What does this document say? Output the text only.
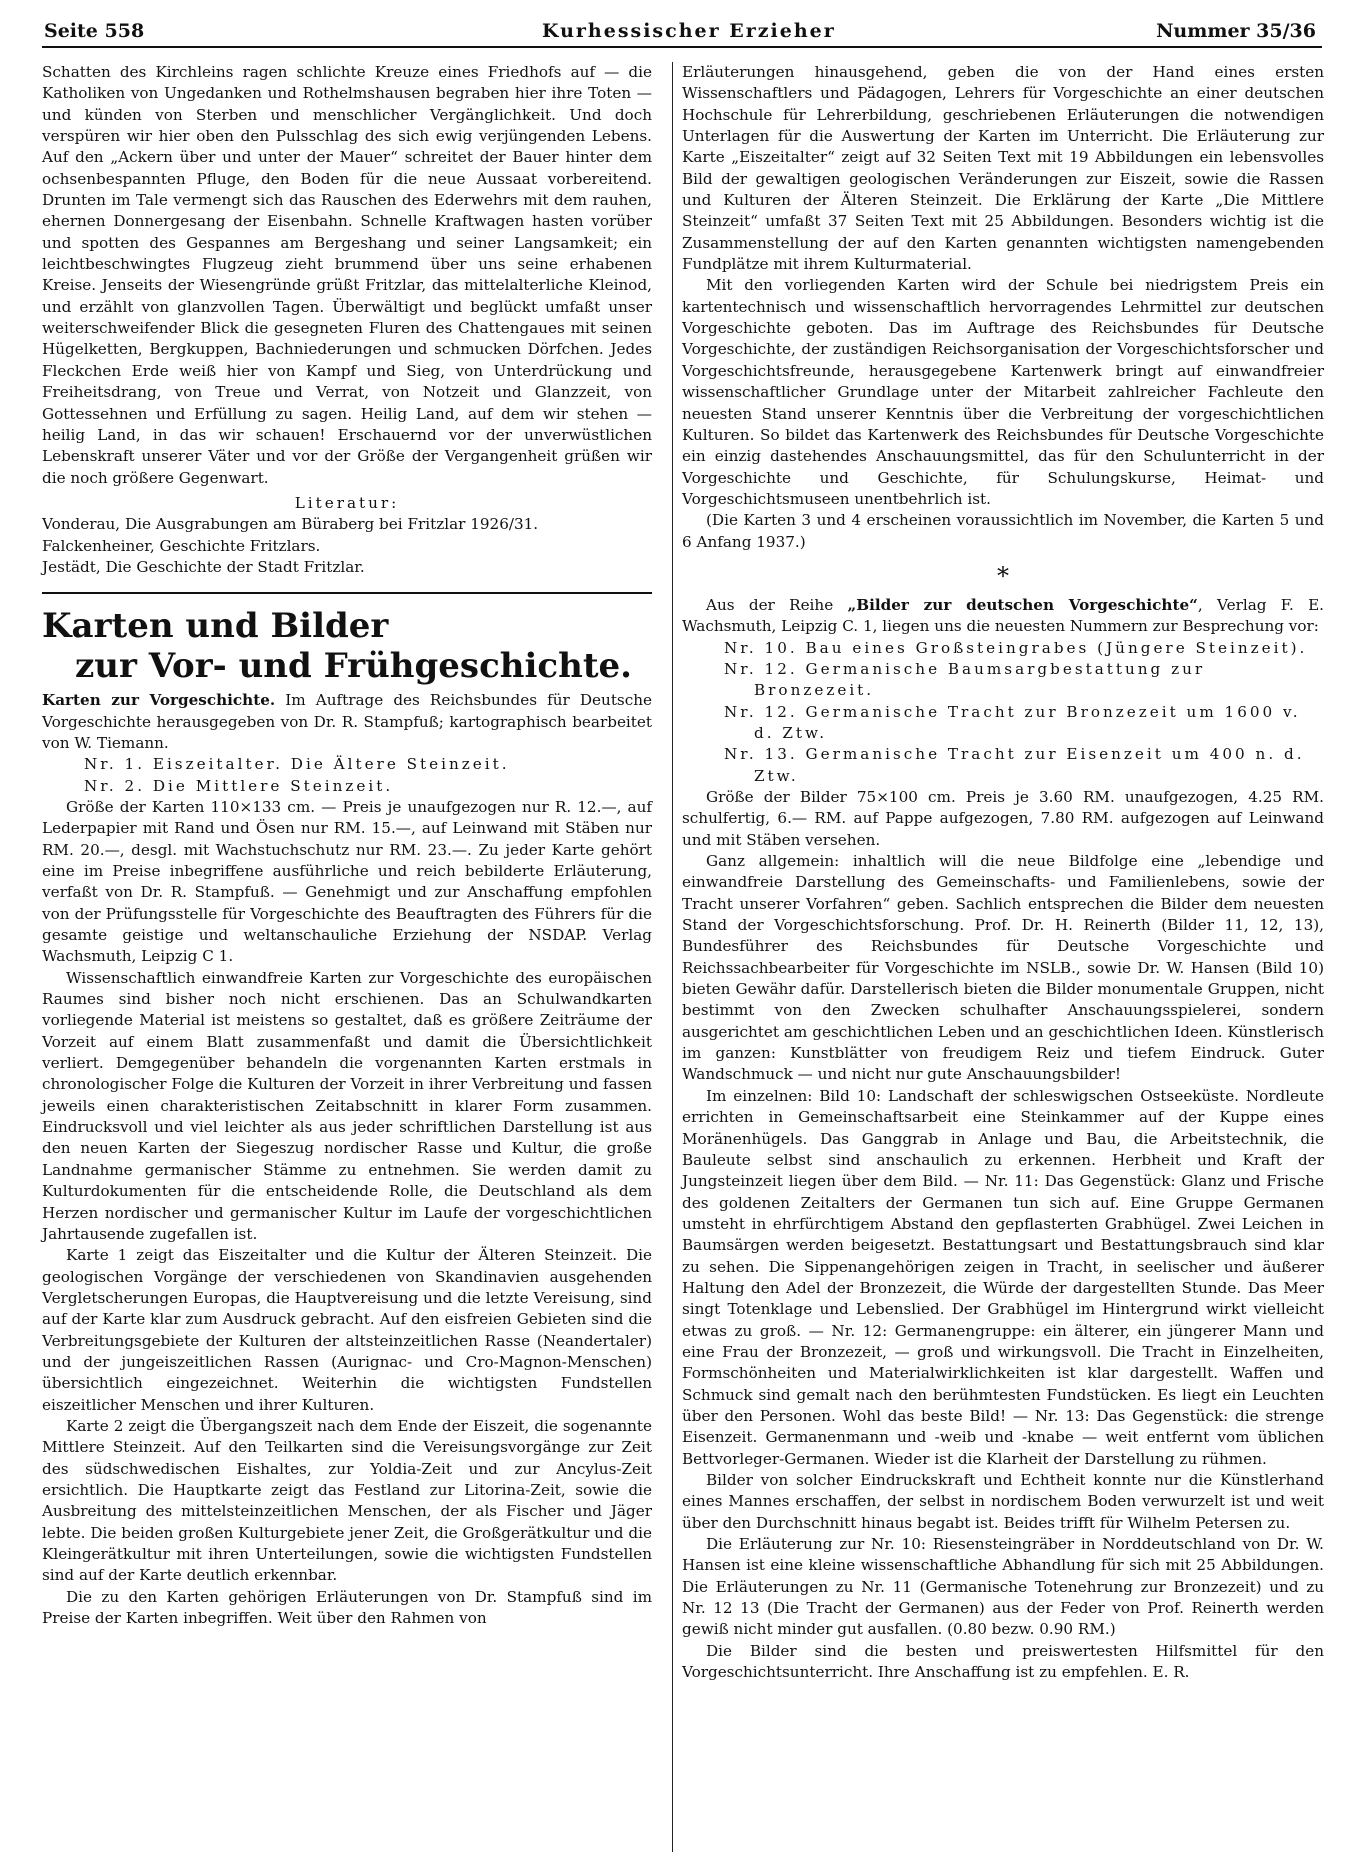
Seite 558	Kurhessischer Erzieher	Nummer 35/36

Schatten des Kirchleins ragen schlichte Kreuze eines Friedhofs auf — die Katholiken von Ungedanken und Rothelmshausen begraben hier ihre Toten — und künden von Sterben und menschlicher Vergänglichkeit. Und doch verspüren wir hier oben den Pulsschlag des sich ewig verjüngenden Lebens. Auf den „Ackern über und unter der Mauer“ schreitet der Bauer hinter dem ochsenbespannten Pfluge, den Boden für die neue Aussaat vorbereitend. Drunten im Tale vermengt sich das Rauschen des Ederwehrs mit dem rauhen, ehernen Donnergesang der Eisenbahn. Schnelle Kraftwagen hasten vorüber und spotten des Gespannes am Bergeshang und seiner Langsamkeit; ein leichtbeschwingtes Flugzeug zieht brummend über uns seine erhabenen Kreise. Jenseits der Wiesengründe grüßt Fritzlar, das mittelalterliche Kleinod, und erzählt von glanzvollen Tagen. Überwältigt und beglückt umfaßt unser weiterschweifender Blick die gesegneten Fluren des Chattengaues mit seinen Hügelketten, Bergkuppen, Bachniederungen und schmucken Dörfchen. Jedes Fleckchen Erde weiß hier von Kampf und Sieg, von Unterdrückung und Freiheitsdrang, von Treue und Verrat, von Notzeit und Glanzzeit, von Gottessehnen und Erfüllung zu sagen. Heilig Land, auf dem wir stehen — heilig Land, in das wir schauen! Erschauernd vor der unverwüstlichen Lebenskraft unserer Väter und vor der Größe der Vergangenheit grüßen wir die noch größere Gegenwart.

Literatur:

Vonderau, Die Ausgrabungen am Büraberg bei Fritzlar 1926/31.

Falckenheiner, Geschichte Fritzlars.

Jestädt, Die Geschichte der Stadt Fritzlar.

Karten und Bilder
zur Vor- und Frühgeschichte.

Karten zur Vorgeschichte. Im Auftrage des Reichsbundes für Deutsche Vorgeschichte herausgegeben von Dr. R. Stampfuß; kartographisch bearbeitet von W. Tiemann.

Nr. 1. Eiszeitalter. Die Ältere Steinzeit.

Nr. 2. Die Mittlere Steinzeit.

Größe der Karten 110×133 cm. — Preis je unaufgezogen nur R. 12.—, auf Lederpapier mit Rand und Ösen nur RM. 15.—, auf Leinwand mit Stäben nur RM. 20.—, desgl. mit Wachstuchschutz nur RM. 23.—. Zu jeder Karte gehört eine im Preise inbegriffene ausführliche und reich bebilderte Erläuterung, verfaßt von Dr. R. Stampfuß. — Genehmigt und zur Anschaffung empfohlen von der Prüfungsstelle für Vorgeschichte des Beauftragten des Führers für die gesamte geistige und weltanschauliche Erziehung der NSDAP. Verlag Wachsmuth, Leipzig C 1.

Wissenschaftlich einwandfreie Karten zur Vorgeschichte des europäischen Raumes sind bisher noch nicht erschienen. Das an Schulwandkarten vorliegende Material ist meistens so gestaltet, daß es größere Zeiträume der Vorzeit auf einem Blatt zusammenfaßt und damit die Übersichtlichkeit verliert. Demgegenüber behandeln die vorgenannten Karten erstmals in chronologischer Folge die Kulturen der Vorzeit in ihrer Verbreitung und fassen jeweils einen charakteristischen Zeitabschnitt in klarer Form zusammen. Eindrucksvoll und viel leichter als aus jeder schriftlichen Darstellung ist aus den neuen Karten der Siegeszug nordischer Rasse und Kultur, die große Landnahme germanischer Stämme zu entnehmen. Sie werden damit zu Kulturdokumenten für die entscheidende Rolle, die Deutschland als dem Herzen nordischer und germanischer Kultur im Laufe der vorgeschichtlichen Jahrtausende zugefallen ist.

Karte 1 zeigt das Eiszeitalter und die Kultur der Älteren Steinzeit. Die geologischen Vorgänge der verschiedenen von Skandinavien ausgehenden Vergletscherungen Europas, die Hauptvereisung und die letzte Vereisung, sind auf der Karte klar zum Ausdruck gebracht. Auf den eisfreien Gebieten sind die Verbreitungsgebiete der Kulturen der altsteinzeitlichen Rasse (Neandertaler) und der jungeiszeitlichen Rassen (Aurignac- und Cro-Magnon-Menschen) übersichtlich eingezeichnet. Weiterhin die wichtigsten Fundstellen eiszeitlicher Menschen und ihrer Kulturen.

Karte 2 zeigt die Übergangszeit nach dem Ende der Eiszeit, die sogenannte Mittlere Steinzeit. Auf den Teilkarten sind die Vereisungsvorgänge zur Zeit des südschwedischen Eishaltes, zur Yoldia-Zeit und zur Ancylus-Zeit ersichtlich. Die Hauptkarte zeigt das Festland zur Litorina-Zeit, sowie die Ausbreitung des mittelsteinzeitlichen Menschen, der als Fischer und Jäger lebte. Die beiden großen Kulturgebiete jener Zeit, die Großgerätkultur und die Kleingerätkultur mit ihren Unterteilungen, sowie die wichtigsten Fundstellen sind auf der Karte deutlich erkennbar.

Die zu den Karten gehörigen Erläuterungen von Dr. Stampfuß sind im Preise der Karten inbegriffen. Weit über den Rahmen von

Erläuterungen hinausgehend, geben die von der Hand eines ersten Wissenschaftlers und Pädagogen, Lehrers für Vorgeschichte an einer deutschen Hochschule für Lehrerbildung, geschriebenen Erläuterungen die notwendigen Unterlagen für die Auswertung der Karten im Unterricht. Die Erläuterung zur Karte „Eiszeitalter“ zeigt auf 32 Seiten Text mit 19 Abbildungen ein lebensvolles Bild der gewaltigen geologischen Veränderungen zur Eiszeit, sowie die Rassen und Kulturen der Älteren Steinzeit. Die Erklärung der Karte „Die Mittlere Steinzeit“ umfaßt 37 Seiten Text mit 25 Abbildungen. Besonders wichtig ist die Zusammenstellung der auf den Karten genannten wichtigsten namengebenden Fundplätze mit ihrem Kulturmaterial.

Mit den vorliegenden Karten wird der Schule bei niedrigstem Preis ein kartentechnisch und wissenschaftlich hervorragendes Lehrmittel zur deutschen Vorgeschichte geboten. Das im Auftrage des Reichsbundes für Deutsche Vorgeschichte, der zuständigen Reichsorganisation der Vorgeschichtsforscher und Vorgeschichtsfreunde, herausgegebene Kartenwerk bringt auf einwandfreier wissenschaftlicher Grundlage unter der Mitarbeit zahlreicher Fachleute den neuesten Stand unserer Kenntnis über die Verbreitung der vorgeschichtlichen Kulturen. So bildet das Kartenwerk des Reichsbundes für Deutsche Vorgeschichte ein einzig dastehendes Anschauungsmittel, das für den Schulunterricht in der Vorgeschichte und Geschichte, für Schulungskurse, Heimat- und Vorgeschichtsmuseen unentbehrlich ist.

(Die Karten 3 und 4 erscheinen voraussichtlich im November, die Karten 5 und 6 Anfang 1937.)

*

Aus der Reihe „Bilder zur deutschen Vorgeschichte“, Verlag F. E. Wachsmuth, Leipzig C. 1, liegen uns die neuesten Nummern zur Besprechung vor:

Nr. 10. Bau eines Großsteingrabes (Jüngere Steinzeit).

Nr. 12. Germanische Baumsargbestattung zur Bronzezeit.

Nr. 12. Germanische Tracht zur Bronzezeit um 1600 v. d. Ztw.

Nr. 13. Germanische Tracht zur Eisenzeit um 400 n. d. Ztw.

Größe der Bilder 75×100 cm. Preis je 3.60 RM. unaufgezogen, 4.25 RM. schulfertig, 6.— RM. auf Pappe aufgezogen, 7.80 RM. aufgezogen auf Leinwand und mit Stäben versehen.

Ganz allgemein: inhaltlich will die neue Bildfolge eine „lebendige und einwandfreie Darstellung des Gemeinschafts- und Familienlebens, sowie der Tracht unserer Vorfahren“ geben. Sachlich entsprechen die Bilder dem neuesten Stand der Vorgeschichtsforschung. Prof. Dr. H. Reinerth (Bilder 11, 12, 13), Bundesführer des Reichsbundes für Deutsche Vorgeschichte und Reichssachbearbeiter für Vorgeschichte im NSLB., sowie Dr. W. Hansen (Bild 10) bieten Gewähr dafür. Darstellerisch bieten die Bilder monumentale Gruppen, nicht bestimmt von den Zwecken schulhafter Anschauungsspielerei, sondern ausgerichtet am geschichtlichen Leben und an geschichtlichen Ideen. Künstlerisch im ganzen: Kunstblätter von freudigem Reiz und tiefem Eindruck. Guter Wandschmuck — und nicht nur gute Anschauungsbilder!

Im einzelnen: Bild 10: Landschaft der schleswigschen Ostseeküste. Nordleute errichten in Gemeinschaftsarbeit eine Steinkammer auf der Kuppe eines Moränenhügels. Das Ganggrab in Anlage und Bau, die Arbeitstechnik, die Bauleute selbst sind anschaulich zu erkennen. Herbheit und Kraft der Jungsteinzeit liegen über dem Bild. — Nr. 11: Das Gegenstück: Glanz und Frische des goldenen Zeitalters der Germanen tun sich auf. Eine Gruppe Germanen umsteht in ehrfürchtigem Abstand den gepflasterten Grabhügel. Zwei Leichen in Baumsärgen werden beigesetzt. Bestattungsart und Bestattungsbrauch sind klar zu sehen. Die Sippenangehörigen zeigen in Tracht, in seelischer und äußerer Haltung den Adel der Bronzezeit, die Würde der dargestellten Stunde. Das Meer singt Totenklage und Lebenslied. Der Grabhügel im Hintergrund wirkt vielleicht etwas zu groß. — Nr. 12: Germanengruppe: ein älterer, ein jüngerer Mann und eine Frau der Bronzezeit, — groß und wirkungsvoll. Die Tracht in Einzelheiten, Formschönheiten und Materialwirklichkeiten ist klar dargestellt. Waffen und Schmuck sind gemalt nach den berühmtesten Fundstücken. Es liegt ein Leuchten über den Personen. Wohl das beste Bild! — Nr. 13: Das Gegenstück: die strenge Eisenzeit. Germanenmann und -weib und -knabe — weit entfernt vom üblichen Bettvorleger-Germanen. Wieder ist die Klarheit der Darstellung zu rühmen.

Bilder von solcher Eindruckskraft und Echtheit konnte nur die Künstlerhand eines Mannes erschaffen, der selbst in nordischem Boden verwurzelt ist und weit über den Durchschnitt hinaus begabt ist. Beides trifft für Wilhelm Petersen zu.

Die Erläuterung zur Nr. 10: Riesensteingräber in Norddeutschland von Dr. W. Hansen ist eine kleine wissenschaftliche Abhandlung für sich mit 25 Abbildungen. Die Erläuterungen zu Nr. 11 (Germanische Totenehrung zur Bronzezeit) und zu Nr. 12 13 (Die Tracht der Germanen) aus der Feder von Prof. Reinerth werden gewiß nicht minder gut ausfallen. (0.80 bezw. 0.90 RM.)

Die Bilder sind die besten und preiswertesten Hilfsmittel für den Vorgeschichtsunterricht. Ihre Anschaffung ist zu empfehlen. E. R.
